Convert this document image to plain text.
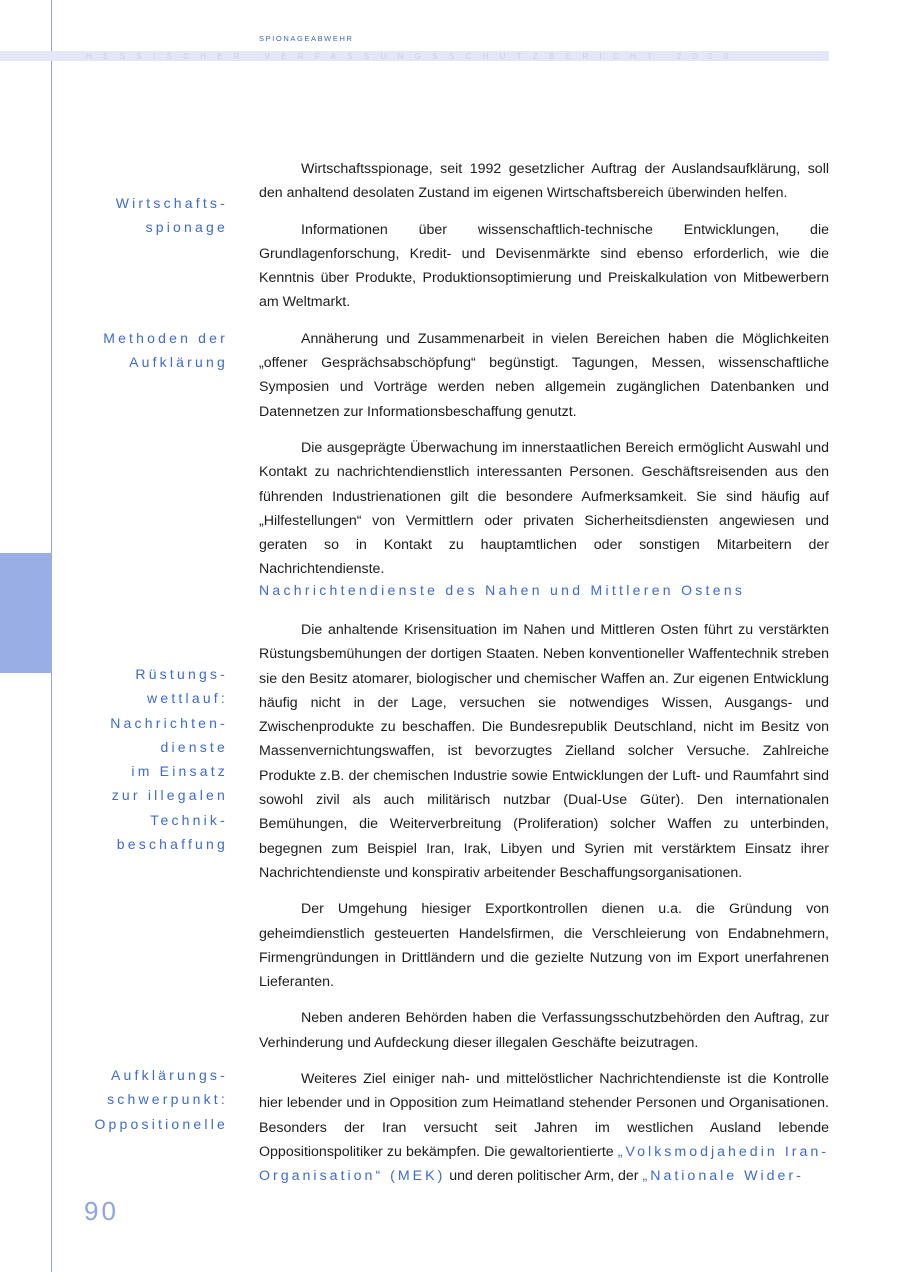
SPIONAGEABWEHR
HESSISCHER VERFASSUNGSSCHUTZBERICHT 2000
Wirtschafts-
spionage
Methoden der
Aufklärung
Rüstungs-
wettlauf:
Nachrichten-
dienste
im Einsatz
zur illegalen
Technik-
beschaffung
Aufklärungs-
schwerpunkt:
Oppositionelle

Wirtschaftsspionage, seit 1992 gesetzlicher Auftrag der Auslandsaufklärung, soll den anhaltend desolaten Zustand im eigenen Wirtschaftsbereich überwinden helfen.

Informationen über wissenschaftlich-technische Entwicklungen, die Grundlagenforschung, Kredit- und Devisenmärkte sind ebenso erforderlich, wie die Kenntnis über Produkte, Produktionsoptimierung und Preiskalkulation von Mitbewerbern am Weltmarkt.

Annäherung und Zusammenarbeit in vielen Bereichen haben die Möglichkeiten „offener Gesprächsabschöpfung“ begünstigt. Tagungen, Messen, wissenschaftliche Symposien und Vorträge werden neben allgemein zugänglichen Datenbanken und Datennetzen zur Informationsbeschaffung genutzt.

Die ausgeprägte Überwachung im innerstaatlichen Bereich ermöglicht Auswahl und Kontakt zu nachrichtendienstlich interessanten Personen. Geschäftsreisenden aus den führenden Industrienationen gilt die besondere Aufmerksamkeit. Sie sind häufig auf „Hilfestellungen“ von Vermittlern oder privaten Sicherheitsdiensten angewiesen und geraten so in Kontakt zu hauptamtlichen oder sonstigen Mitarbeitern der Nachrichtendienste.

Nachrichtendienste des Nahen und Mittleren Ostens

Die anhaltende Krisensituation im Nahen und Mittleren Osten führt zu verstärkten Rüstungsbemühungen der dortigen Staaten. Neben konventioneller Waffentechnik streben sie den Besitz atomarer, biologischer und chemischer Waffen an. Zur eigenen Entwicklung häufig nicht in der Lage, versuchen sie notwendiges Wissen, Ausgangs- und Zwischenprodukte zu beschaffen. Die Bundesrepublik Deutschland, nicht im Besitz von Massenvernichtungswaffen, ist bevorzugtes Zielland solcher Versuche. Zahlreiche Produkte z.B. der chemischen Industrie sowie Entwicklungen der Luft- und Raumfahrt sind sowohl zivil als auch militärisch nutzbar (Dual-Use Güter). Den internationalen Bemühungen, die Weiterverbreitung (Proliferation) solcher Waffen zu unterbinden, begegnen zum Beispiel Iran, Irak, Libyen und Syrien mit verstärktem Einsatz ihrer Nachrichtendienste und konspirativ arbeitender Beschaffungsorganisationen.

Der Umgehung hiesiger Exportkontrollen dienen u.a. die Gründung von geheimdienstlich gesteuerten Handelsfirmen, die Verschleierung von Endabnehmern, Firmengründungen in Drittländern und die gezielte Nutzung von im Export unerfahrenen Lieferanten.

Neben anderen Behörden haben die Verfassungsschutzbehörden den Auftrag, zur Verhinderung und Aufdeckung dieser illegalen Geschäfte beizutragen.

Weiteres Ziel einiger nah- und mittelöstlicher Nachrichtendienste ist die Kontrolle hier lebender und in Opposition zum Heimatland stehender Personen und Organisationen. Besonders der Iran versucht seit Jahren im westlichen Ausland lebende Oppositionspolitiker zu bekämpfen. Die gewaltorientierte „Volksmodjahedin Iran-Organisation“ (MEK) und deren politischer Arm, der „Nationale Wider-

90
